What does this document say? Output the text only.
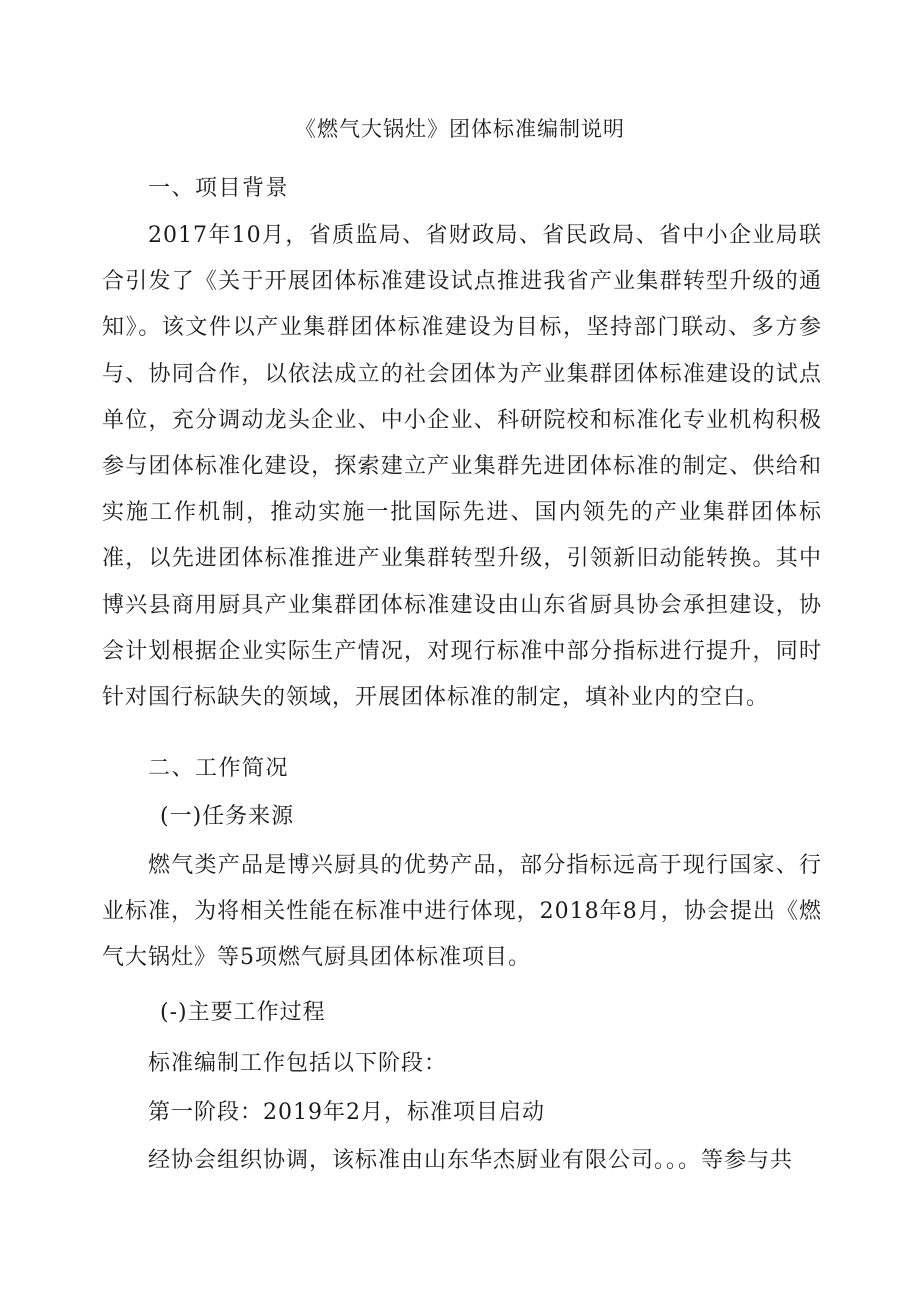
《燃气大锅灶》团体标准编制说明
一、项目背景

2017年10月，省质监局、省财政局、省民政局、省中小企业局联合引发了《关于开展团体标准建设试点推进我省产业集群转型升级的通知》。该文件以产业集群团体标准建设为目标，坚持部门联动、多方参与、协同合作，以依法成立的社会团体为产业集群团体标准建设的试点单位，充分调动龙头企业、中小企业、科研院校和标准化专业机构积极参与团体标准化建设，探索建立产业集群先进团体标准的制定、供给和实施工作机制，推动实施一批国际先进、国内领先的产业集群团体标准，以先进团体标准推进产业集群转型升级，引领新旧动能转换。其中博兴县商用厨具产业集群团体标准建设由山东省厨具协会承担建设，协会计划根据企业实际生产情况，对现行标准中部分指标进行提升，同时针对国行标缺失的领域，开展团体标准的制定，填补业内的空白。

二、工作简况
(一)任务来源

燃气类产品是博兴厨具的优势产品，部分指标远高于现行国家、行业标准，为将相关性能在标准中进行体现，2018年8月，协会提出《燃气大锅灶》等5项燃气厨具团体标准项目。

(-)主要工作过程
标准编制工作包括以下阶段：
第一阶段：2019年2月，标准项目启动

经协会组织协调，该标准由山东华杰厨业有限公司。。。等参与共
